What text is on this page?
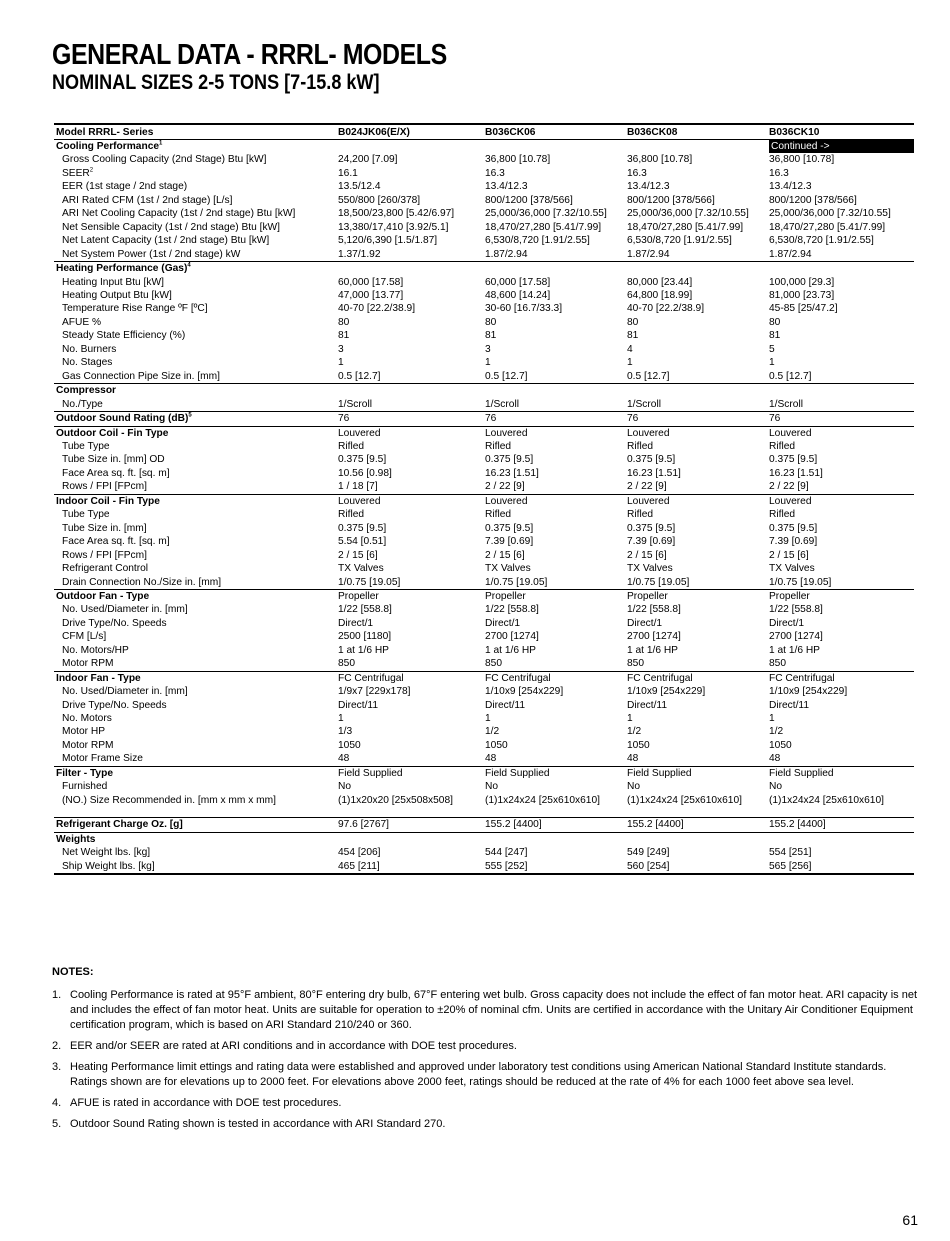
GENERAL DATA - RRRL- MODELS
NOMINAL SIZES 2-5 TONS [7-15.8 kW]
Model RRRL- Series	B024JK06(E/X)	B036CK06	B036CK08	B036CK10
Cooling Performance$^1$				Continued ->

Gross Cooling Capacity (2nd Stage) Btu [kW]	24,200 [7.09]	36,800 [10.78]	36,800 [10.78]	36,800 [10.78]
SEER$^2$	16.1	16.3	16.3	16.3
EER (1st stage / 2nd stage)	13.5/12.4	13.4/12.3	13.4/12.3	13.4/12.3
ARI Rated CFM (1st / 2nd stage) [L/s]	550/800 [260/378]	800/1200 [378/566]	800/1200 [378/566]	800/1200 [378/566]
ARI Net Cooling Capacity (1st / 2nd stage) Btu [kW]	18,500/23,800 [5.42/6.97]	25,000/36,000 [7.32/10.55]	25,000/36,000 [7.32/10.55]	25,000/36,000 [7.32/10.55]
Net Sensible Capacity (1st / 2nd stage) Btu [kW]	13,380/17,410 [3.92/5.1]	18,470/27,280 [5.41/7.99]	18,470/27,280 [5.41/7.99]	18,470/27,280 [5.41/7.99]
Net Latent Capacity (1st / 2nd stage) Btu [kW]	5,120/6,390 [1.5/1.87]	6,530/8,720 [1.91/2.55]	6,530/8,720 [1.91/2.55]	6,530/8,720 [1.91/2.55]
Net System Power (1st / 2nd stage) kW	1.37/1.92	1.87/2.94	1.87/2.94	1.87/2.94
Heating Performance (Gas)$^4$				
Heating Input Btu [kW]	60,000 [17.58]	60,000 [17.58]	80,000 [23.44]	100,000 [29.3]
Heating Output Btu [kW]	47,000 [13.77]	48,600 [14.24]	64,800 [18.99]	81,000 [23.73]
Temperature Rise Range ºF [ºC]	40-70 [22.2/38.9]	30-60 [16.7/33.3]	40-70 [22.2/38.9]	45-85 [25/47.2]
AFUE %	80	80	80	80
Steady State Efficiency (%)	81	81	81	81
No. Burners	3	3	4	5
No. Stages	1	1	1	1
Gas Connection Pipe Size in. [mm]	0.5 [12.7]	0.5 [12.7]	0.5 [12.7]	0.5 [12.7]
Compressor				
No./Type	1/Scroll	1/Scroll	1/Scroll	1/Scroll
Outdoor Sound Rating (dB)$^5$	76	76	76	76
Outdoor Coil - Fin Type	Louvered	Louvered	Louvered	Louvered
Tube Type	Rifled	Rifled	Rifled	Rifled
Tube Size in. [mm] OD	0.375 [9.5]	0.375 [9.5]	0.375 [9.5]	0.375 [9.5]
Face Area sq. ft. [sq. m]	10.56 [0.98]	16.23 [1.51]	16.23 [1.51]	16.23 [1.51]
Rows / FPI [FPcm]	1 / 18 [7]	2 / 22 [9]	2 / 22 [9]	2 / 22 [9]
Indoor Coil - Fin Type	Louvered	Louvered	Louvered	Louvered
Tube Type	Rifled	Rifled	Rifled	Rifled
Tube Size in. [mm]	0.375 [9.5]	0.375 [9.5]	0.375 [9.5]	0.375 [9.5]
Face Area sq. ft. [sq. m]	5.54 [0.51]	7.39 [0.69]	7.39 [0.69]	7.39 [0.69]
Rows / FPI [FPcm]	2 / 15 [6]	2 / 15 [6]	2 / 15 [6]	2 / 15 [6]
Refrigerant Control	TX Valves	TX Valves	TX Valves	TX Valves
Drain Connection No./Size in. [mm]	1/0.75 [19.05]	1/0.75 [19.05]	1/0.75 [19.05]	1/0.75 [19.05]
Outdoor Fan - Type	Propeller	Propeller	Propeller	Propeller
No. Used/Diameter in. [mm]	1/22 [558.8]	1/22 [558.8]	1/22 [558.8]	1/22 [558.8]
Drive Type/No. Speeds	Direct/1	Direct/1	Direct/1	Direct/1
CFM [L/s]	2500 [1180]	2700 [1274]	2700 [1274]	2700 [1274]
No. Motors/HP	1 at 1/6 HP	1 at 1/6 HP	1 at 1/6 HP	1 at 1/6 HP
Motor RPM	850	850	850	850
Indoor Fan - Type	FC Centrifugal	FC Centrifugal	FC Centrifugal	FC Centrifugal
No. Used/Diameter in. [mm]	1/9x7 [229x178]	1/10x9 [254x229]	1/10x9 [254x229]	1/10x9 [254x229]
Drive Type/No. Speeds	Direct/11	Direct/11	Direct/11	Direct/11
No. Motors	1	1	1	1
Motor HP	1/3	1/2	1/2	1/2
Motor RPM	1050	1050	1050	1050
Motor Frame Size	48	48	48	48
Filter - Type	Field Supplied	Field Supplied	Field Supplied	Field Supplied
Furnished	No	No	No	No
(NO.) Size Recommended in. [mm x mm x mm]	(1)1x20x20 [25x508x508]	(1)1x24x24 [25x610x610]	(1)1x24x24 [25x610x610]	(1)1x24x24 [25x610x610]

Refrigerant Charge Oz. [g]	97.6 [2767]	155.2 [4400]	155.2 [4400]	155.2 [4400]
Weights				
Net Weight lbs. [kg]	454 [206]	544 [247]	549 [249]	554 [251]
Ship Weight lbs. [kg]	465 [211]	555 [252]	560 [254]	565 [256]
NOTES:
1. Cooling Performance is rated at 95°F ambient, 80°F entering dry bulb, 67°F entering wet bulb. Gross capacity does not include the effect of fan motor heat. ARI capacity is net and includes the effect of fan motor heat. Units are suitable for operation to ±20% of nominal cfm. Units are certified in accordance with the Unitary Air Conditioner Equipment certification program, which is based on ARI Standard 210/240 or 360.
2. EER and/or SEER are rated at ARI conditions and in accordance with DOE test procedures.
3. Heating Performance limit ettings and rating data were established and approved under laboratory test conditions using American National Standard Institute standards. Ratings shown are for elevations up to 2000 feet. For elevations above 2000 feet, ratings should be reduced at the rate of 4% for each 1000 feet above sea level.
4. AFUE is rated in accordance with DOE test procedures.
5. Outdoor Sound Rating shown is tested in accordance with ARI Standard 270.
61
